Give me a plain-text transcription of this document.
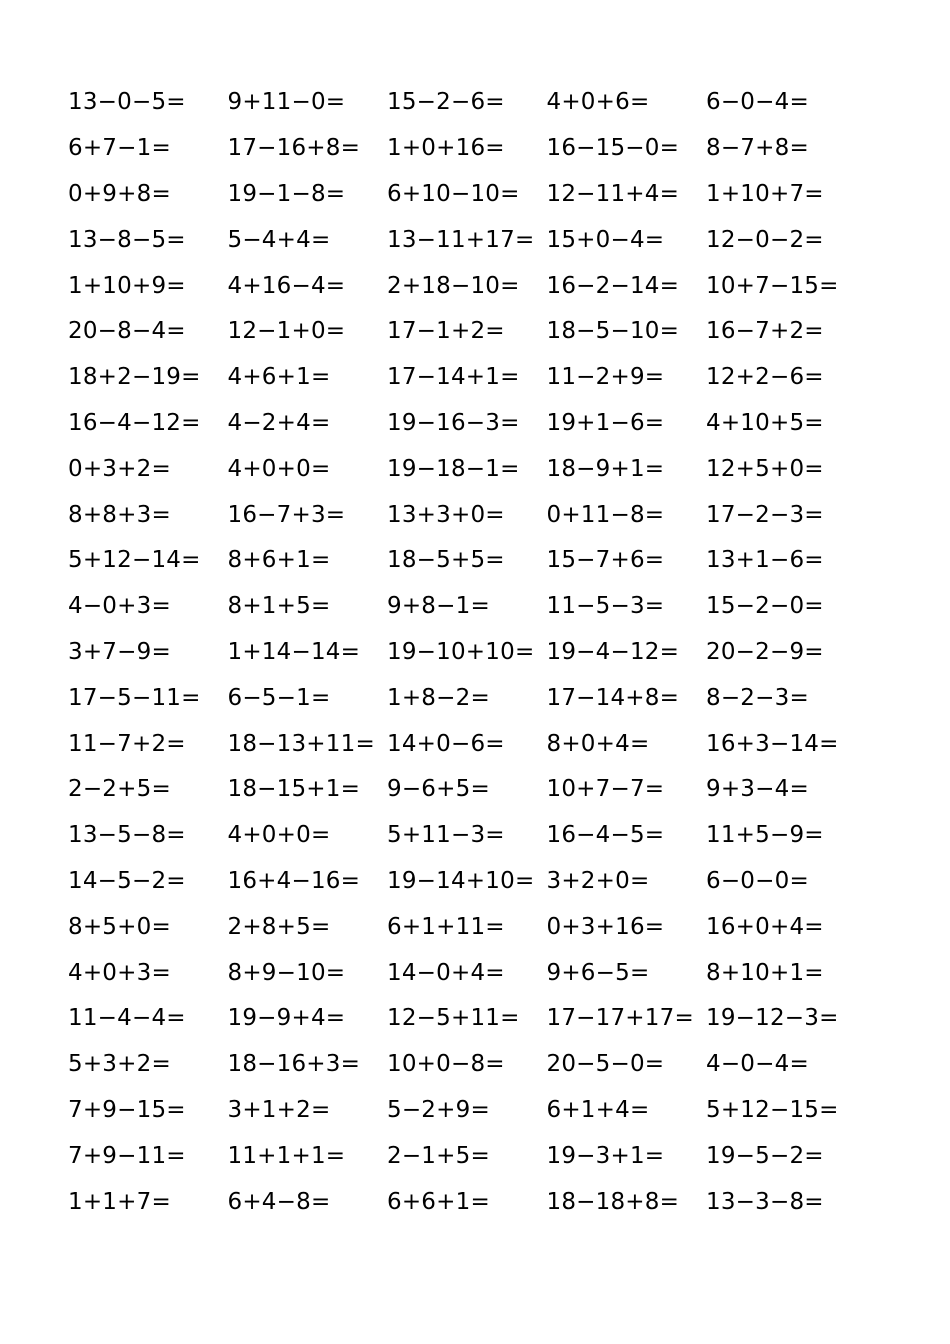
13−0−5=	9+11−0=	15−2−6=	4+0+6=	6−0−4=
6+7−1=	17−16+8=	1+0+16=	16−15−0=	8−7+8=
0+9+8=	19−1−8=	6+10−10=	12−11+4=	1+10+7=
13−8−5=	5−4+4=	13−11+17= 15+0−4=	12−0−2=
1+10+9=	4+16−4=	2+18−10=	16−2−14=	10+7−15=
20−8−4=	12−1+0=	17−1+2=	18−5−10=	16−7+2=
18+2−19=	4+6+1=	17−14+1=	11−2+9=	12+2−6=
16−4−12=	4−2+4=	19−16−3=	19+1−6=	4+10+5=
0+3+2=	4+0+0=	19−18−1=	18−9+1=	12+5+0=
8+8+3=	16−7+3=	13+3+0=	0+11−8=	17−2−3=
5+12−14=	8+6+1=	18−5+5=	15−7+6=	13+1−6=
4−0+3=	8+1+5=	9+8−1=	11−5−3=	15−2−0=
3+7−9=	1+14−14=	19−10+10= 19−4−12=	20−2−9=
17−5−11=	6−5−1=	1+8−2=	17−14+8=	8−2−3=
11−7+2=	18−13+11= 14+0−6=	8+0+4=	16+3−14=
2−2+5=	18−15+1=	9−6+5=	10+7−7=	9+3−4=
13−5−8=	4+0+0=	5+11−3=	16−4−5=	11+5−9=
14−5−2=	16+4−16=	19−14+10= 3+2+0=	6−0−0=
8+5+0=	2+8+5=	6+1+11=	0+3+16=	16+0+4=
4+0+3=	8+9−10=	14−0+4=	9+6−5=	8+10+1=
11−4−4=	19−9+4=	12−5+11=	17−17+17= 19−12−3=
5+3+2=	18−16+3=	10+0−8=	20−5−0=	4−0−4=
7+9−15=	3+1+2=	5−2+9=	6+1+4=	5+12−15=
7+9−11=	11+1+1=	2−1+5=	19−3+1=	19−5−2=
1+1+7=	6+4−8=	6+6+1=	18−18+8=	13−3−8=
